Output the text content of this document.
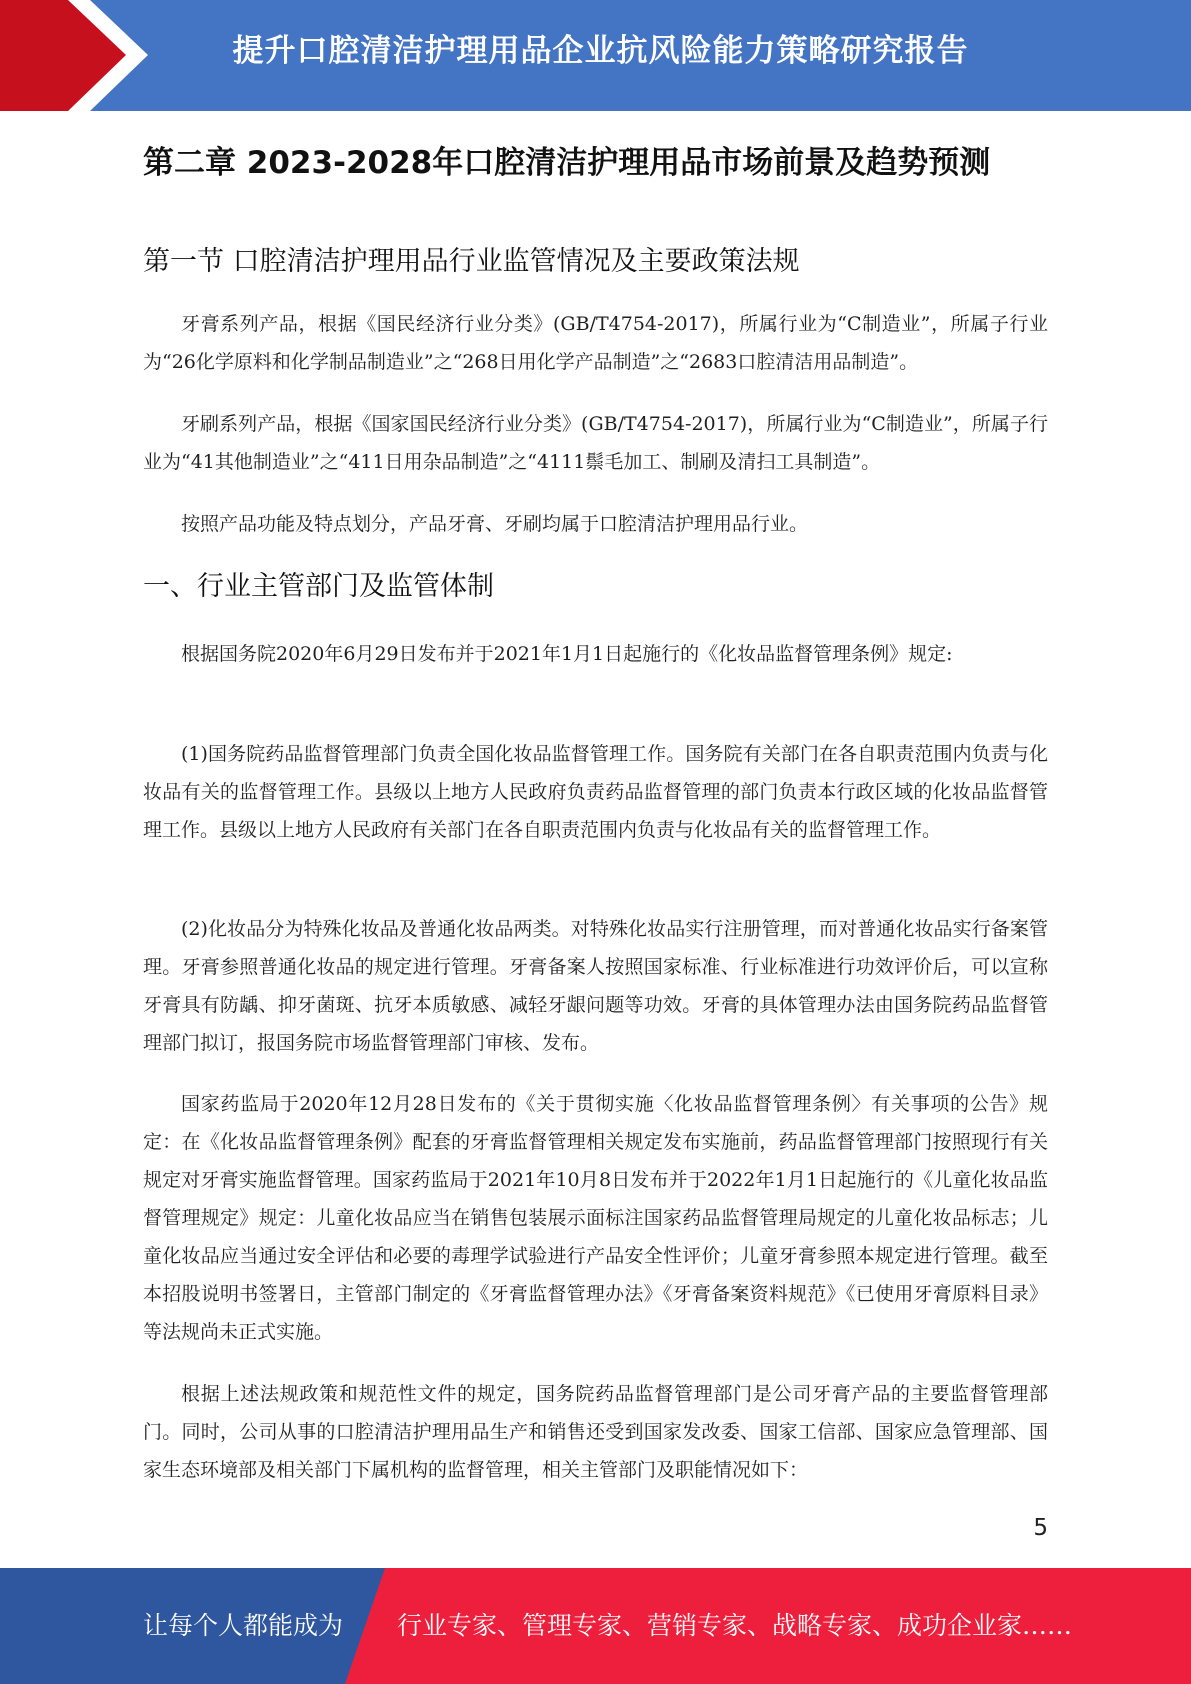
提升口腔清洁护理用品企业抗风险能力策略研究报告
第二章 2023-2028年口腔清洁护理用品市场前景及趋势预测
第一节 口腔清洁护理用品行业监管情况及主要政策法规

牙膏系列产品，根据《国民经济行业分类》(GB/T4754-2017)，所属行业为“C制造业”，所属子行业为“26化学原料和化学制品制造业”之“268日用化学产品制造”之“2683口腔清洁用品制造”。

牙刷系列产品，根据《国家国民经济行业分类》(GB/T4754-2017)，所属行业为“C制造业”，所属子行业为“41其他制造业”之“411日用杂品制造”之“4111鬃毛加工、制刷及清扫工具制造”。

按照产品功能及特点划分，产品牙膏、牙刷均属于口腔清洁护理用品行业。

一、行业主管部门及监管体制

根据国务院2020年6月29日发布并于2021年1月1日起施行的《化妆品监督管理条例》规定:

(1)国务院药品监督管理部门负责全国化妆品监督管理工作。国务院有关部门在各自职责范围内负责与化妆品有关的监督管理工作。县级以上地方人民政府负责药品监督管理的部门负责本行政区域的化妆品监督管理工作。县级以上地方人民政府有关部门在各自职责范围内负责与化妆品有关的监督管理工作。

(2)化妆品分为特殊化妆品及普通化妆品两类。对特殊化妆品实行注册管理，而对普通化妆品实行备案管理。牙膏参照普通化妆品的规定进行管理。牙膏备案人按照国家标准、行业标准进行功效评价后，可以宣称牙膏具有防龋、抑牙菌斑、抗牙本质敏感、减轻牙龈问题等功效。牙膏的具体管理办法由国务院药品监督管理部门拟订，报国务院市场监督管理部门审核、发布。

国家药监局于2020年12月28日发布的《关于贯彻实施〈化妆品监督管理条例〉有关事项的公告》规定：在《化妆品监督管理条例》配套的牙膏监督管理相关规定发布实施前，药品监督管理部门按照现行有关规定对牙膏实施监督管理。国家药监局于2021年10月8日发布并于2022年1月1日起施行的《儿童化妆品监督管理规定》规定：儿童化妆品应当在销售包装展示面标注国家药品监督管理局规定的儿童化妆品标志；儿童化妆品应当通过安全评估和必要的毒理学试验进行产品安全性评价；儿童牙膏参照本规定进行管理。截至本招股说明书签署日，主管部门制定的《牙膏监督管理办法》《牙膏备案资料规范》《已使用牙膏原料目录》等法规尚未正式实施。

根据上述法规政策和规范性文件的规定，国务院药品监督管理部门是公司牙膏产品的主要监督管理部门。同时，公司从事的口腔清洁护理用品生产和销售还受到国家发改委、国家工信部、国家应急管理部、国家生态环境部及相关部门下属机构的监督管理，相关主管部门及职能情况如下：

5
让每个人都能成为 行业专家、管理专家、营销专家、战略专家、成功企业家……
